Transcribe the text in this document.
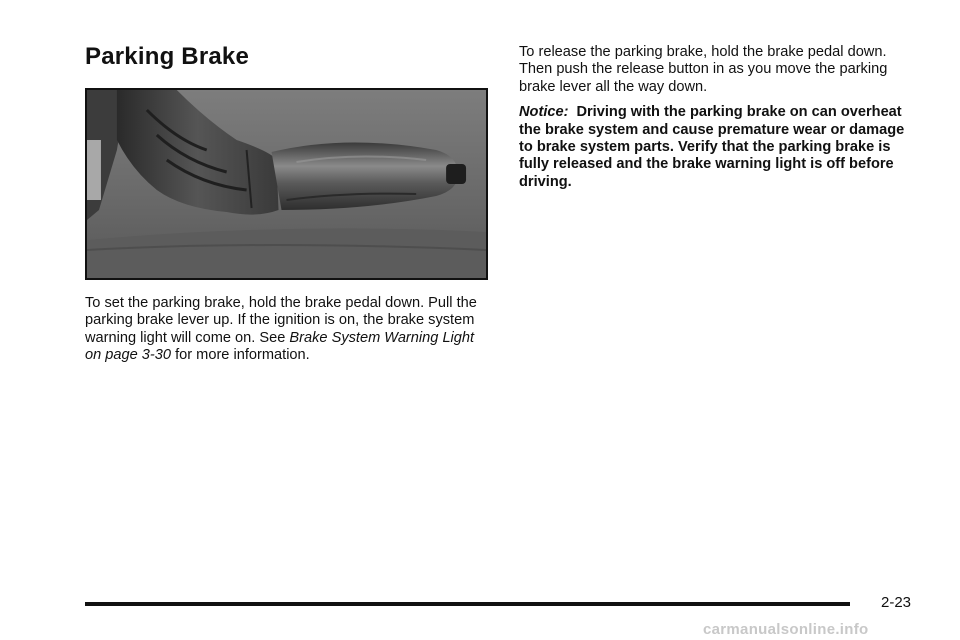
Parking Brake

To set the parking brake, hold the brake pedal down. Pull the parking brake lever up. If the ignition is on, the brake system warning light will come on. See Brake System Warning Light on page 3-30 for more information.

To release the parking brake, hold the brake pedal down. Then push the release button in as you move the parking brake lever all the way down.

Notice: Driving with the parking brake on can overheat the brake system and cause premature wear or damage to brake system parts. Verify that the parking brake is fully released and the brake warning light is off before driving.

2-23
carmanualsonline.info
